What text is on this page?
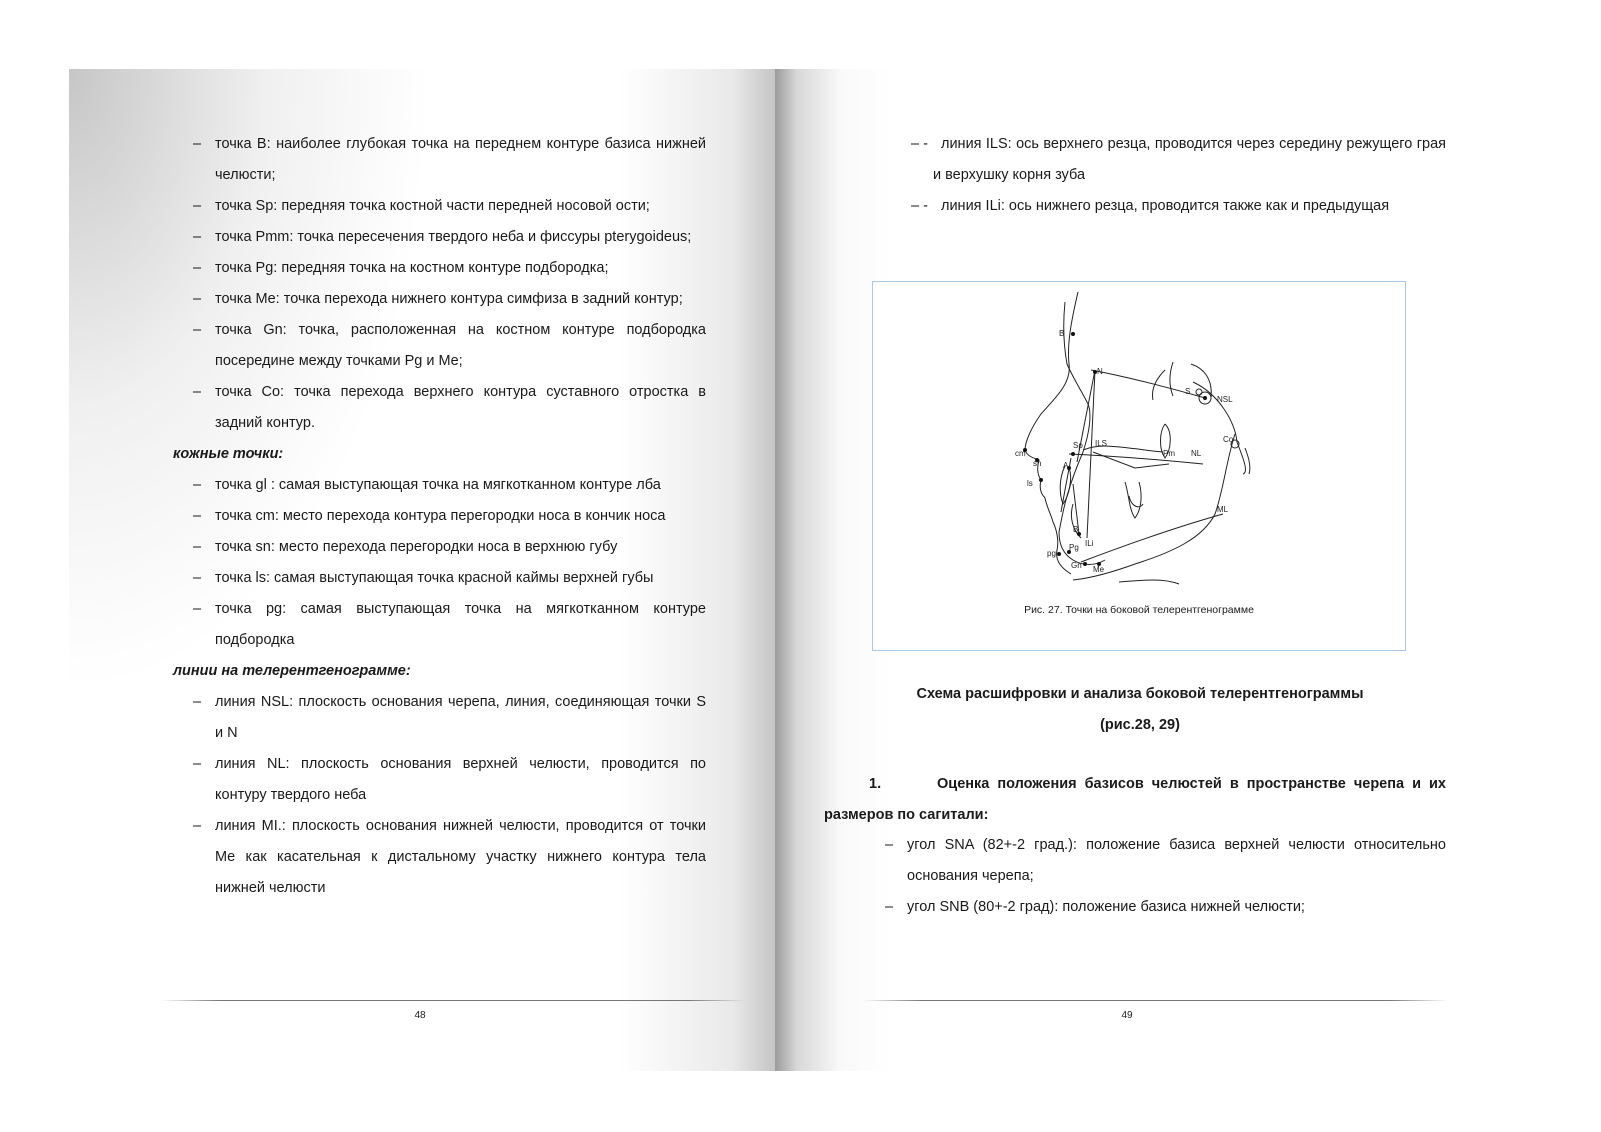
– точка B: наиболее глубокая точка на переднем контуре базиса нижней челюсти;
– точка Sp: передняя точка костной части передней носовой ости;
– точка Pmm: точка пересечения твердого неба и фиссуры pterygoideus;
– точка Pg: передняя точка на костном контуре подбородка;
– точка Me: точка перехода нижнего контура симфиза в задний контур;
– точка Gn: точка, расположенная на костном контуре подбородка посередине между точками Pg и Me;
– точка Co: точка перехода верхнего контура суставного отростка в задний контур.
кожные точки:
– точка gl : самая выступающая точка на мягкотканном контуре лба
– точка cm: место перехода контура перегородки носа в кончик носа
– точка sn: место перехода перегородки носа в верхнюю губу
– точка ls: самая выступающая точка красной каймы верхней губы
– точка pg: самая выступающая точка на мягкотканном контуре подбородка
линии на телерентгенограмме:
– линия NSL: плоскость основания черепа, линия, соединяющая точки S и N
– линия NL: плоскость основания верхней челюсти, проводится по контуру твердого неба
– линия MI.: плоскость основания нижней челюсти, проводится от точки Me как касательная к дистальному участку нижнего контура тела нижней челюсти
48
– - линия ILS: ось верхнего резца, проводится через середину режущего грая и верхушку корня зуба
– - линия ILi: ось нижнего резца, проводится также как и предыдущая
B
N
S
NSL
cm
sn
ls
Sp ILS
A
Pm NL
Co
ML
B
ILi
pg
Pg
Gn Me
Рис. 27. Точки на боковой телерентгенограмме
Схема расшифровки и анализа боковой телерентгенограммы
(рис.28, 29)
1.	Оценка положения базисов челюстей в пространстве черепа и их размеров по сагитали:
– угол SNA (82+-2 град.): положение базиса верхней челюсти относительно основания черепа;
– угол SNB (80+-2 град): положение базиса нижней челюсти;
49
